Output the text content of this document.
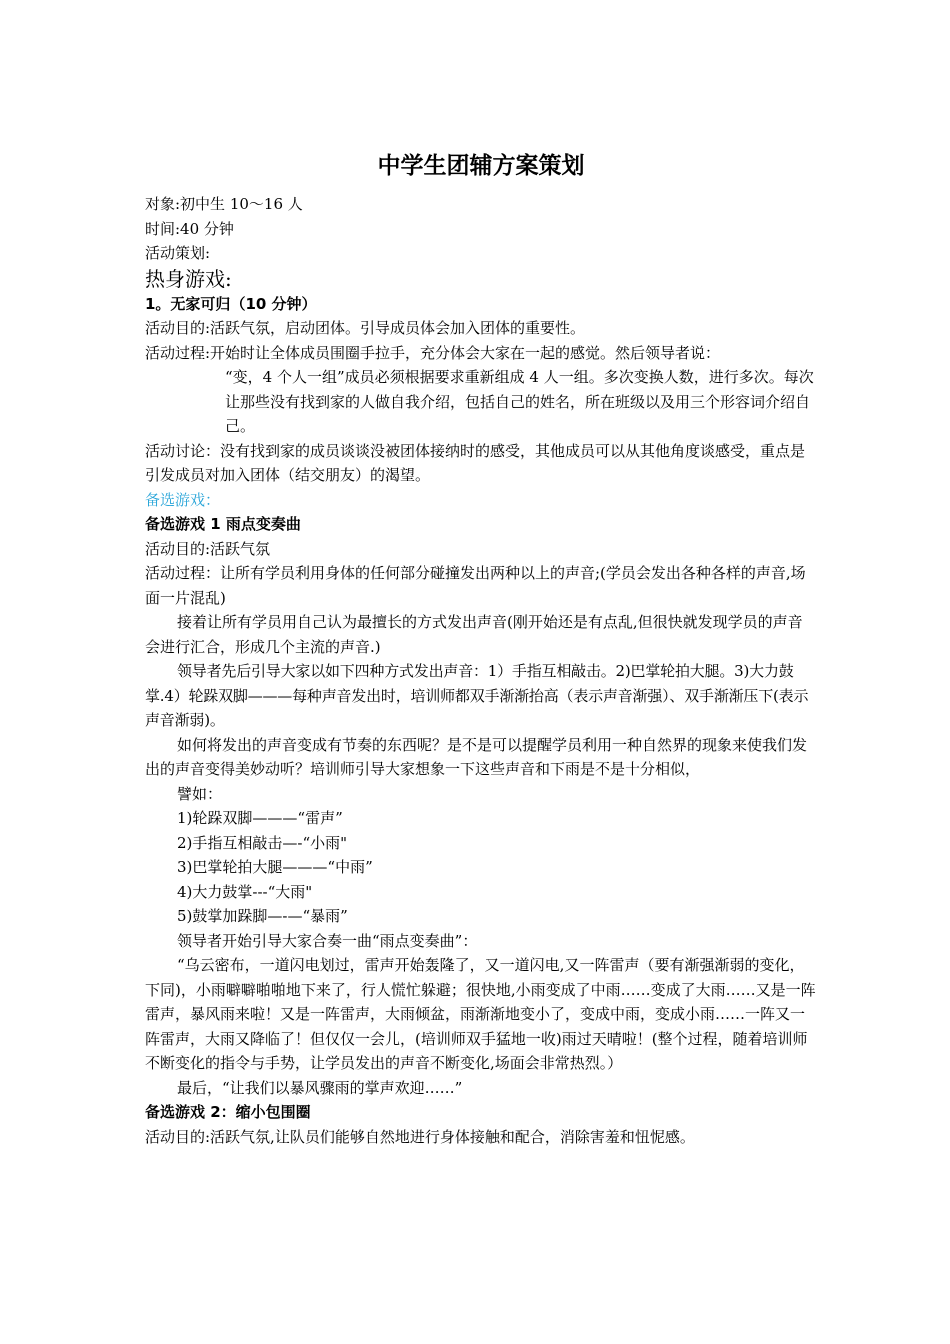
中学生团辅方案策划

对象:初中生 10～16 人

时间:40 分钟

活动策划:

热身游戏:

1。无家可归（10 分钟）

活动目的:活跃气氛，启动团体。引导成员体会加入团体的重要性。

活动过程:开始时让全体成员围圈手拉手，充分体会大家在一起的感觉。然后领导者说：

“变，4 个人一组”成员必须根据要求重新组成 4 人一组。多次变换人数，进行多次。每次让那些没有找到家的人做自我介绍，包括自己的姓名，所在班级以及用三个形容词介绍自己。

活动讨论：没有找到家的成员谈谈没被团体接纳时的感受，其他成员可以从其他角度谈感受，重点是引发成员对加入团体（结交朋友）的渴望。

备选游戏：

备选游戏 1 雨点变奏曲

活动目的:活跃气氛

活动过程：让所有学员利用身体的任何部分碰撞发出两种以上的声音;(学员会发出各种各样的声音,场面一片混乱)

接着让所有学员用自己认为最擅长的方式发出声音(刚开始还是有点乱,但很快就发现学员的声音会进行汇合，形成几个主流的声音.)

领导者先后引导大家以如下四种方式发出声音：1）手指互相敲击。2)巴掌轮拍大腿。3)大力鼓掌.4）轮跺双脚———每种声音发出时，培训师都双手渐渐抬高（表示声音渐强）、双手渐渐压下(表示声音渐弱)。

如何将发出的声音变成有节奏的东西呢？是不是可以提醒学员利用一种自然界的现象来使我们发出的声音变得美妙动听？培训师引导大家想象一下这些声音和下雨是不是十分相似，

譬如：

1)轮跺双脚———“雷声”

2)手指互相敲击—-“小雨"

3)巴掌轮拍大腿———“中雨”

4)大力鼓掌---“大雨"

5)鼓掌加跺脚—-—“暴雨”

领导者开始引导大家合奏一曲“雨点变奏曲”：

“乌云密布，一道闪电划过，雷声开始轰隆了，又一道闪电,又一阵雷声（要有渐强渐弱的变化，下同)，小雨噼噼啪啪地下来了，行人慌忙躲避；很快地,小雨变成了中雨……变成了大雨……又是一阵雷声，暴风雨来啦！又是一阵雷声，大雨倾盆，雨渐渐地变小了，变成中雨，变成小雨……一阵又一阵雷声，大雨又降临了！但仅仅一会儿，(培训师双手猛地一收)雨过天晴啦！(整个过程，随着培训师不断变化的指令与手势，让学员发出的声音不断变化,场面会非常热烈。）

最后，“让我们以暴风骤雨的掌声欢迎……”

备选游戏 2：缩小包围圈

活动目的:活跃气氛,让队员们能够自然地进行身体接触和配合，消除害羞和忸怩感。
